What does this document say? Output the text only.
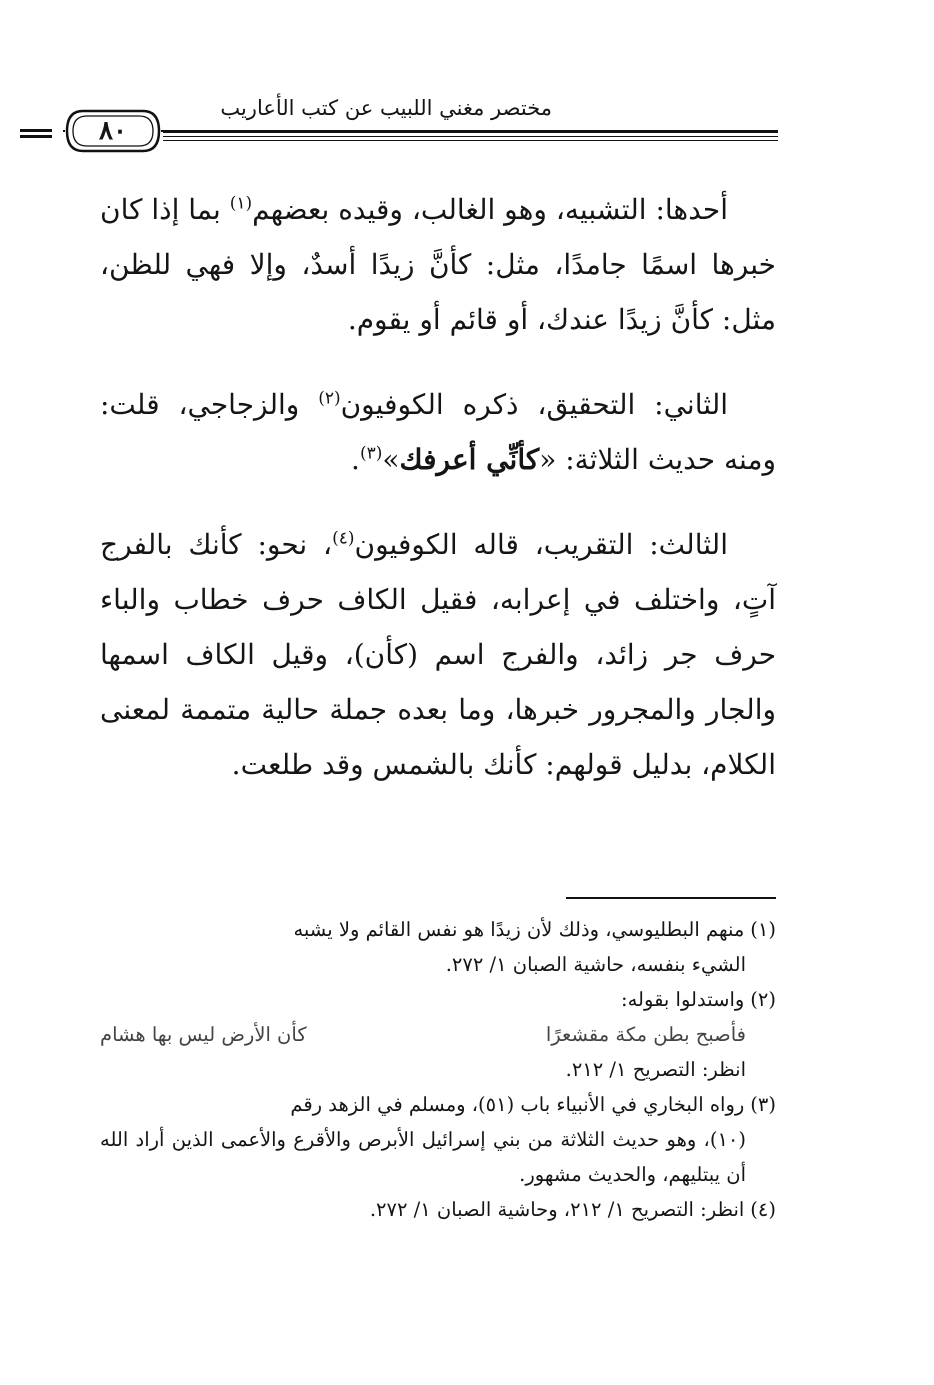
مختصر مغني اللبيب عن كتب الأعاريب
٨٠

أحدها: التشبيه، وهو الغالب، وقيده بعضهم$^{(١)}$ بما إذا كان خبرها اسمًا جامدًا، مثل: كأنَّ زيدًا أسدٌ، وإلا فهي للظن، مثل: كأنَّ زيدًا عندك، أو قائم أو يقوم.

الثاني: التحقيق، ذكره الكوفيون$^{(٢)}$ والزجاجي، قلت: ومنه حديث الثلاثة: «كأنِّي أعرفك»$^{(٣)}$.

الثالث: التقريب، قاله الكوفيون$^{(٤)}$، نحو: كأنك بالفرج آتٍ، واختلف في إعرابه، فقيل الكاف حرف خطاب والباء حرف جر زائد، والفرج اسم (كأن)، وقيل الكاف اسمها والجار والمجرور خبرها، وما بعده جملة حالية متممة لمعنى الكلام، بدليل قولهم: كأنك بالشمس وقد طلعت.

(١)منهم البطليوسي، وذلك لأن زيدًا هو نفس القائم ولا يشبه
الشيء بنفسه، حاشية الصبان ١/ ٢٧٢.

(٢)واستدلوا بقوله:

فأصبح بطن مكة مقشعرًا
كأن الأرض ليس بها هشام
انظر: التصريح ١/ ٢١٢.

(٣)رواه البخاري في الأنبياء باب (٥١)، ومسلم في الزهد رقم
(١٠)، وهو حديث الثلاثة من بني إسرائيل الأبرص والأقرع والأعمى الذين أراد الله أن يبتليهم، والحديث مشهور.

(٤)انظر: التصريح ١/ ٢١٢، وحاشية الصبان ١/ ٢٧٢.
